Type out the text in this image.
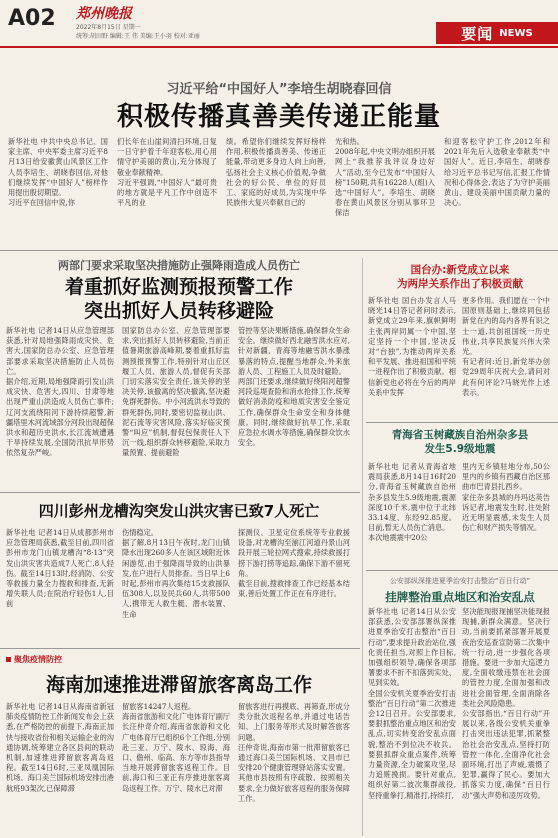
A02 郑州晚报
2022年8月15日 星期一
统筹:胡田野 编辑:王 伟 美编:王小羽 校对:亚丽	要闻 NEWS
习近平给“中国好人”李培生胡晓春回信
积极传播真善美传递正能量
新华社电 中共中央总书记、国家主席、中央军委主席习近平8月13日给安徽黄山风景区工作人员李培生、胡晓春回信,对他们继续发挥“中国好人”榜样作用提出殷切期望。
习近平在回信中说,你
们长年在山崖间清扫环境,日复一日守护着千年迎客松,用心用情守护美丽的黄山,充分体现了敬业奉献精神。
习近平强调,“中国好人”最可贵的地方就是平凡工作中创造不平凡的业
绩。希望你们继续发挥好榜样作用,积极传播真善美、传递正能量,带动更多身边人向上向善,弘扬社会主义核心价值观,争做社会的好公民、单位的好员工、家庭的好成员,为实现中华民族伟大复兴奉献自己的
光和热。
2008年起,中央文明办组织开展网上“我推荐我评议身边好人”活动,至今已发布“中国好人榜”150期,共有16228人(组)入选“中国好人”。李培生、胡晓春在黄山风景区分别从事环卫保洁
和迎客松守护工作,2012年和2021年先后入选敬业奉献类“中国好人”。近日,李培生、胡晓春给习近平总书记写信,汇报工作情况和心得体会,表达了为守护美丽黄山、建设美丽中国贡献力量的决心。
两部门要求采取坚决措施防止强降雨造成人员伤亡
着重抓好监测预报预警工作
突出抓好人员转移避险
新华社电 记者14日从应急管理部获悉,针对局地强降雨成灾快、危害大,国家防总办公室、应急管理部要求采取坚决措施防止人员伤亡。
据介绍,近期,局地强降雨引发山洪成灾快、危害大,四川、甘肃等地出现严重山洪造成人员伤亡事件;辽河支流绕阳河下游持续超警,新疆塔里木河流域部分河段出现超保洪水和超历史洪水,长江流域遭遇干旱持续发展,全国防汛抗旱形势依然复杂严峻。
国家防总办公室、应急管理部要求,突出抓好人员转移避险,当前正值暑期旅游高峰期,要着重抓好监测预报预警工作,特别针对山丘区堰工人员、旅游人员,督促有关部门切实落实安全责任,该关停的坚决关停,该撤离的坚决撤离,坚决避免群死群伤。中小河流洪水导致的群死群伤,同时,要密切监视山洪、泥石流等灾害风险,落实好临灾预警“叫应”机制,督促包保责任人下沉一线,组织群众转移避险,采取力量预置、提前避险
管控等坚决果断措施,确保群众生命安全。继续做好西北融雪洪水应对,针对新疆、青海等地融雪洪水暴涨暴落的特点,提醒当地群众,外来旅游人员、工程施工人员及时避险。
两部门还要求,继续做好绕阳河超警河段巡堤查险和消水抢排工作,统筹做好消杀防疫和地质灾害安全鉴定工作,确保群众生命安全和身体健康。同时,继续做好抗旱工作,采取应急拉水调水等措施,确保群众饮水安全。
四川彭州龙槽沟突发山洪灾害已致7人死亡
新华社电 记者14日从成都彭州市应急管理局获悉,截至目前,四川省彭州市龙门山镇龙槽沟“8·13”突发山洪灾害共造成7人死亡,8人轻伤。截至14日13时,经消防、公安等救援力量全力搜救和排查,无新增失联人员;在院治疗轻伤1人,目前
伤情稳定。
据了解,8月13日午夜时,龙门山镇降水出现260多人在该区域附近休闲游览,由于强降雨导致的山洪暴发,在户进行人员排查。当日早上6时起,彭州市再次集结15支救援队伍308人,以及民兵60人,共带500人,携带无人救生艇、潜水装置、生命
探测仪、卫星定位系统等专业救援设备,对龙槽沟至湔江河道丹景山河段开展三轮拉网式搜索,持续救援打捞下游打捞等追踪,确保下游不留死角。
截至目前,搜救排查工作已经基本结束,善后处置工作正在有序进行。
聚焦疫情防控
海南加速推进滞留旅客离岛工作
新华社电 记者14日从海南省新冠肺炎疫情防控工作新闻发布会上获悉,在严格防控的前提下,海南正加快与接收省份和相关运输企业的沟通协调,统筹建立各区县间的联动机制,加速推进滞留旅客离岛返程。截至14日6时,三亚凤凰国际机场、海口美兰国际机场安排出港航班93架次,已保障滞
留旅客14247人返程。
海南省旅游和文化广电体育厅副厅长汪仲奇介绍,海南省旅游和文化广电体育厅已组织6个工作组,分别赴三亚、万宁、陵水、琼海、海口、儋州、临高、东方等市县指导当地开展滞留旅客返程工作。目前,海口和三亚正有序推进旅客离岛返程工作。万宁、陵水已对滞
留旅客进行再摸底、再筛查,形成分类分批次返程名单,并通过电话告知、上门服务等形式及时解答旅客问题。
汪仲奇说,海南市第一批滞留旅客已通过海口美兰国际机场、文昌市已安排20个健康管理驿站落实安置。其他市县按照有序疏散、按照相关要求,全力做好旅客返程的服务保障工作。
国台办:新党成立以来
为两岸关系作出了积极贡献
新华社电 国台办发言人马晓光14日答记者问时表示,新党成立29年来,旗帜鲜明主张两岸同属一个中国,坚定坚持一个中国,坚决反对“台独”,为推动两岸关系和平发展、推进祖国和平统一进程作出了积极贡献。相信新党也必将在今后的两岸关系中发挥
更多作用。我们愿在一个中国原则基础上,继续同包括新党在内的岛内各界有识之士一道,共创祖国统一历史伟业,共享民族复兴伟大荣光。
有记者问:近日,新党举办创党29周年庆祝大会,请问对此有何评论?马晓光作上述表示。
青海省玉树藏族自治州杂多县
发生5.9级地震
新华社电 记者从青海省地震局获悉,8月14日16时20分,青海省玉树藏族自治州杂多县发生5.9级地震,震源深度10千米,震中位于北纬33.14度、东经92.85度。目前,暂无人员伤亡消息。
本次地震震中20公
里内无乡镇驻地分布,50公里内的乡镇有西藏自治区那曲市巴青县扎西乡。
家住杂多县城的丹玛达英告诉记者,地震发生时,住处附近无明显震感,未发生人员伤亡和财产损失等情况。
公安部纵深推进夏季治安打击整治“百日行动”
挂牌整治重点地区和治安乱点
新华社电 记者14日从公安部获悉,公安部部署纵深推进夏季治安打击整治“百日行动”,要求提升政治站位,强化责任担当,对照上作目标,加强组织领导,确保各项部署要求不折不扣落到实处、见到实效。
全国公安机关夏季治安打击整治“百日行动”第二次推进会12日召开。公安部要求,要狠抓整治重点地区和治安乱点,切实转变治安乱点面貌,整治不到位决不收兵。要狠抓群众重点案件,统筹力量资源,全力破案攻坚,尽力追赃挽损。要针对重点,组织好第二波次集群战役,坚持重拳打,精准打,持续打,
坚决能现报现捕坚决能现报现捕,新群众满意。坚决行动,当前要抓紧部署开展夏夜治安巡查宣防第二次集中统一行动,进一步强化各项措施。要进一步加大巡逻力度,全面收缴违禁在社会面的管控力度,全面加强和改进社会面管理,全面消除各类社会风险隐患。
公安部指出,“百日行动”开展以来,各级公安机关重拳打击突出违法犯罪,抓紧整治社会治安乱点,坚持打防管控一体化,全面净化社会面环境,打出了声威,震慑了犯罪,赢得了民心。要加大抓落实力度,确保“百日行动”强大声势和凌厉攻势。
